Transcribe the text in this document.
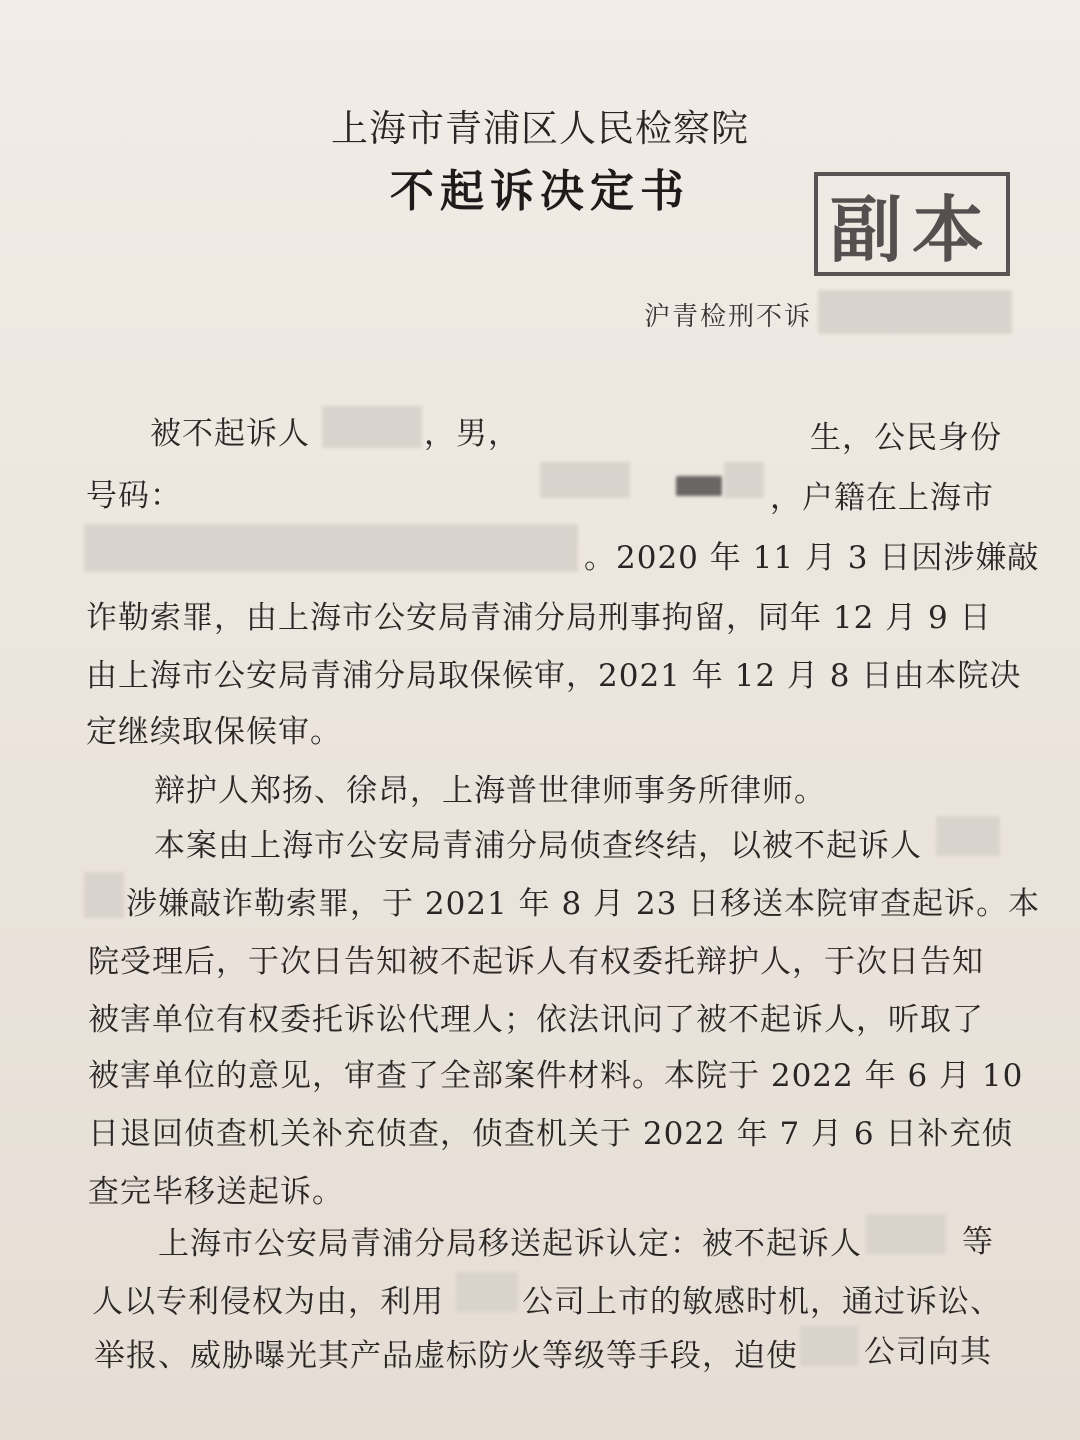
上海市青浦区人民检察院
不起诉决定书	副本
沪青检刑不诉
被不起诉人	，男，	生，公民身份
号码：	，户籍在上海市
。2020 年 11 月 3 日因涉嫌敲
诈勒索罪，由上海市公安局青浦分局刑事拘留，同年 12 月 9 日
由上海市公安局青浦分局取保候审，2021 年 12 月 8 日由本院决
定继续取保候审。
辩护人郑扬、徐昂，上海普世律师事务所律师。
本案由上海市公安局青浦分局侦查终结，以被不起诉人
涉嫌敲诈勒索罪，于 2021 年 8 月 23 日移送本院审查起诉。本
院受理后，于次日告知被不起诉人有权委托辩护人，于次日告知
被害单位有权委托诉讼代理人；依法讯问了被不起诉人，听取了
被害单位的意见，审查了全部案件材料。本院于 2022 年 6 月 10
日退回侦查机关补充侦查，侦查机关于 2022 年 7 月 6 日补充侦
查完毕移送起诉。
上海市公安局青浦分局移送起诉认定：被不起诉人	等
人以专利侵权为由，利用	公司上市的敏感时机，通过诉讼、
举报、威胁曝光其产品虚标防火等级等手段，迫使 公司向其
